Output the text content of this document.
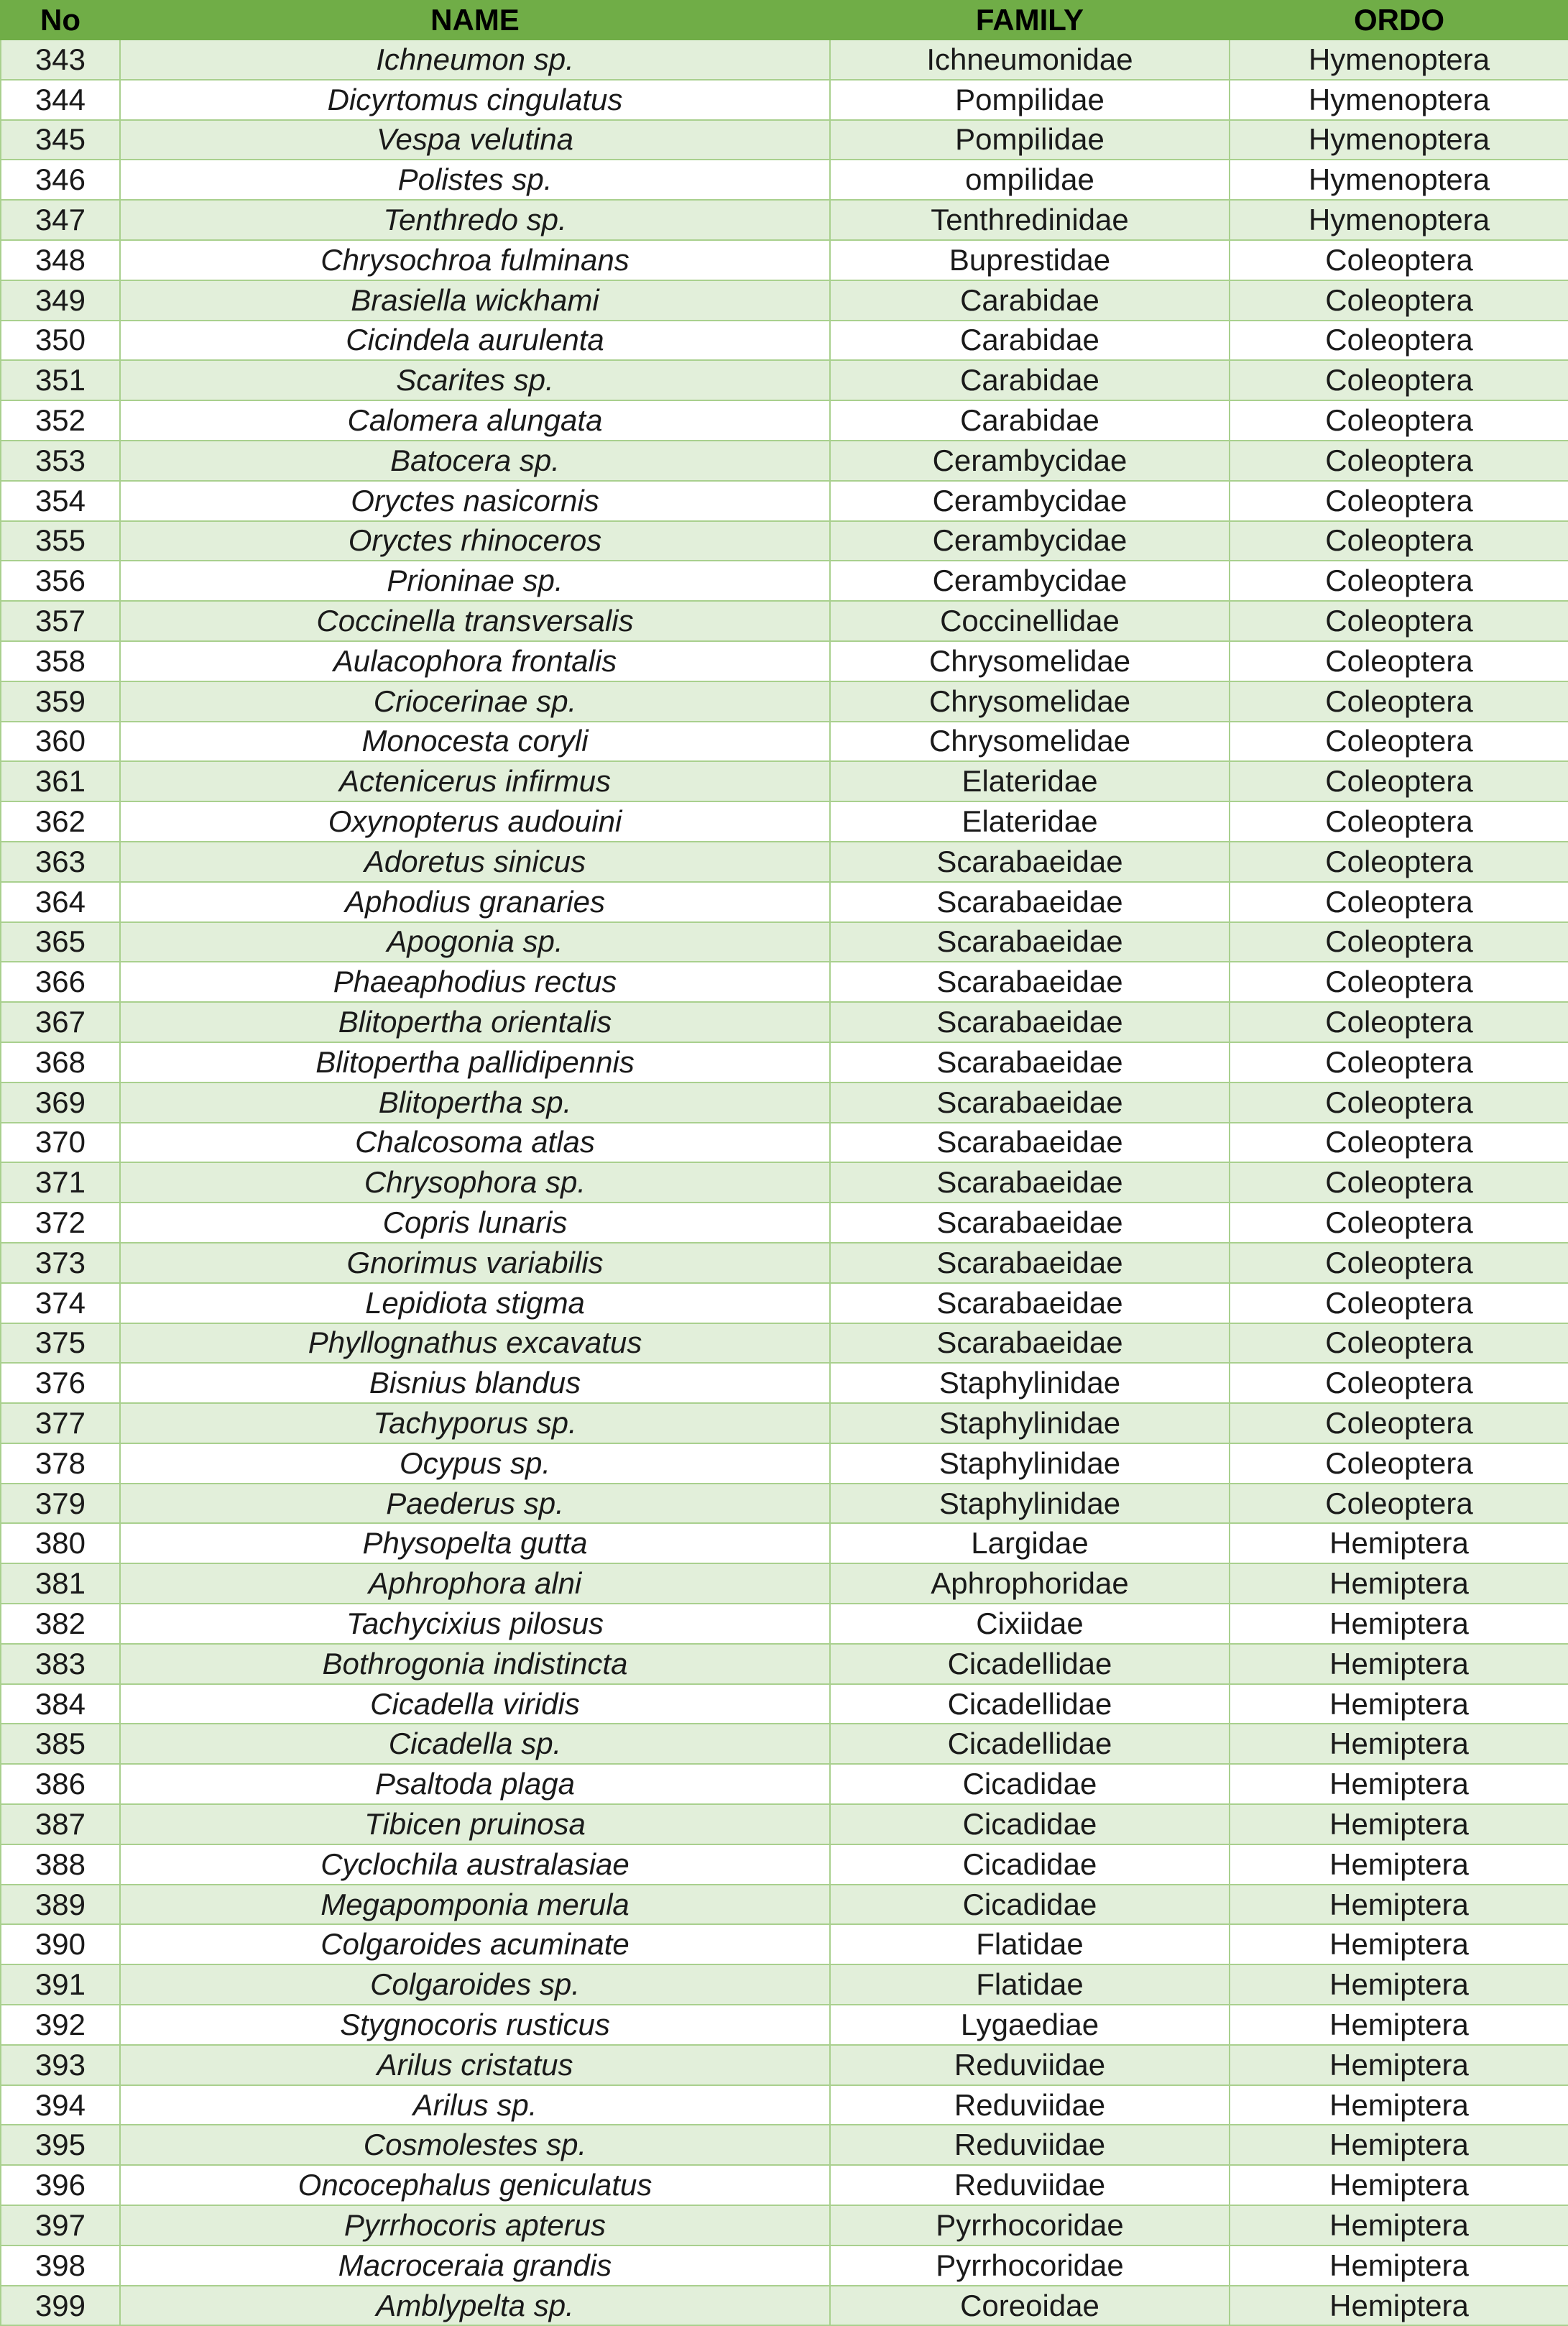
No	NAME	FAMILY	ORDO
343	Ichneumon sp.	Ichneumonidae	Hymenoptera
344	Dicyrtomus cingulatus	Pompilidae	Hymenoptera
345	Vespa velutina	Pompilidae	Hymenoptera
346	Polistes sp.	ompilidae	Hymenoptera
347	Tenthredo sp.	Tenthredinidae	Hymenoptera
348	Chrysochroa fulminans	Buprestidae	Coleoptera
349	Brasiella wickhami	Carabidae	Coleoptera
350	Cicindela aurulenta	Carabidae	Coleoptera
351	Scarites sp.	Carabidae	Coleoptera
352	Calomera alungata	Carabidae	Coleoptera
353	Batocera sp.	Cerambycidae	Coleoptera
354	Oryctes nasicornis	Cerambycidae	Coleoptera
355	Oryctes rhinoceros	Cerambycidae	Coleoptera
356	Prioninae sp.	Cerambycidae	Coleoptera
357	Coccinella transversalis	Coccinellidae	Coleoptera
358	Aulacophora frontalis	Chrysomelidae	Coleoptera
359	Criocerinae sp.	Chrysomelidae	Coleoptera
360	Monocesta coryli	Chrysomelidae	Coleoptera
361	Actenicerus infirmus	Elateridae	Coleoptera
362	Oxynopterus audouini	Elateridae	Coleoptera
363	Adoretus sinicus	Scarabaeidae	Coleoptera
364	Aphodius granaries	Scarabaeidae	Coleoptera
365	Apogonia sp.	Scarabaeidae	Coleoptera
366	Phaeaphodius rectus	Scarabaeidae	Coleoptera
367	Blitopertha orientalis	Scarabaeidae	Coleoptera
368	Blitopertha pallidipennis	Scarabaeidae	Coleoptera
369	Blitopertha sp.	Scarabaeidae	Coleoptera
370	Chalcosoma atlas	Scarabaeidae	Coleoptera
371	Chrysophora sp.	Scarabaeidae	Coleoptera
372	Copris lunaris	Scarabaeidae	Coleoptera
373	Gnorimus variabilis	Scarabaeidae	Coleoptera
374	Lepidiota stigma	Scarabaeidae	Coleoptera
375	Phyllognathus excavatus	Scarabaeidae	Coleoptera
376	Bisnius blandus	Staphylinidae	Coleoptera
377	Tachyporus sp.	Staphylinidae	Coleoptera
378	Ocypus sp.	Staphylinidae	Coleoptera
379	Paederus sp.	Staphylinidae	Coleoptera
380	Physopelta gutta	Largidae	Hemiptera
381	Aphrophora alni	Aphrophoridae	Hemiptera
382	Tachycixius pilosus	Cixiidae	Hemiptera
383	Bothrogonia indistincta	Cicadellidae	Hemiptera
384	Cicadella viridis	Cicadellidae	Hemiptera
385	Cicadella sp.	Cicadellidae	Hemiptera
386	Psaltoda plaga	Cicadidae	Hemiptera
387	Tibicen pruinosa	Cicadidae	Hemiptera
388	Cyclochila australasiae	Cicadidae	Hemiptera
389	Megapomponia merula	Cicadidae	Hemiptera
390	Colgaroides acuminate	Flatidae	Hemiptera
391	Colgaroides sp.	Flatidae	Hemiptera
392	Stygnocoris rusticus	Lygaediae	Hemiptera
393	Arilus cristatus	Reduviidae	Hemiptera
394	Arilus sp.	Reduviidae	Hemiptera
395	Cosmolestes sp.	Reduviidae	Hemiptera
396	Oncocephalus geniculatus	Reduviidae	Hemiptera
397	Pyrrhocoris apterus	Pyrrhocoridae	Hemiptera
398	Macroceraia grandis	Pyrrhocoridae	Hemiptera
399	Amblypelta sp.	Coreoidae	Hemiptera
